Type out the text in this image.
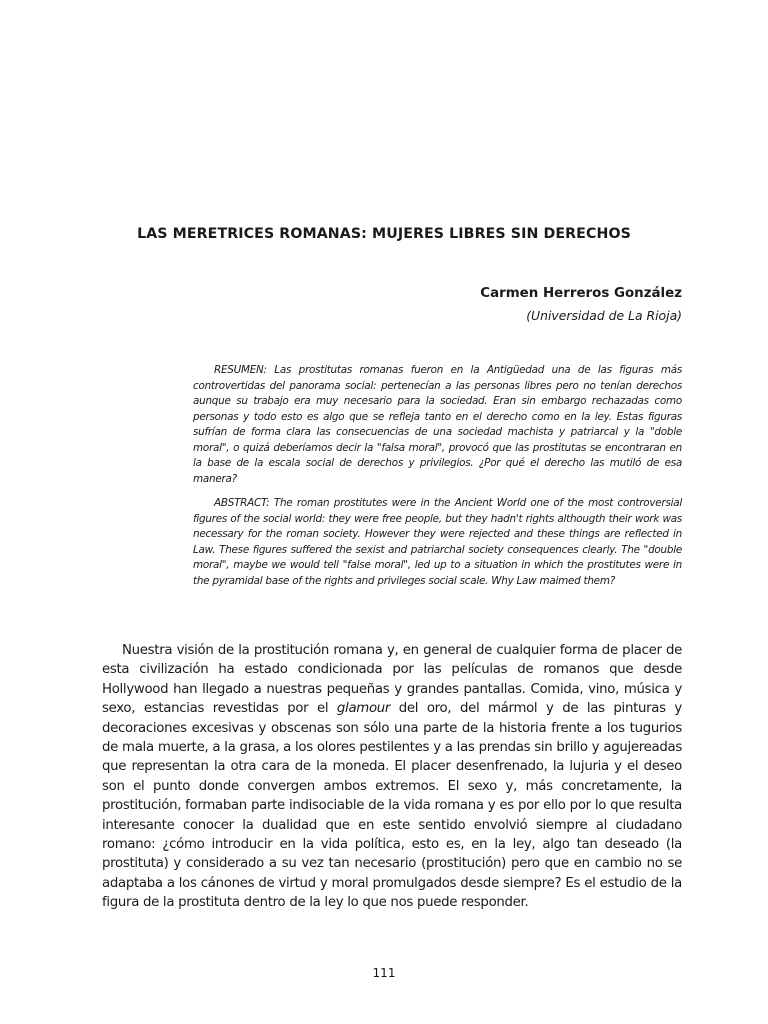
LAS MERETRICES ROMANAS: MUJERES LIBRES SIN DERECHOS

Carmen Herreros González

(Universidad de La Rioja)

RESUMEN: Las prostitutas romanas fueron en la Antigüedad una de las figuras más controvertidas del panorama social: pertenecían a las personas libres pero no tenían derechos aunque su trabajo era muy necesario para la sociedad. Eran sin embargo rechazadas como personas y todo esto es algo que se refleja tanto en el derecho como en la ley. Estas figuras sufrían de forma clara las consecuencias de una sociedad machista y patriarcal y la "doble moral", o quizá deberíamos decir la "falsa moral", provocó que las prostitutas se encontraran en la base de la escala social de derechos y privilegios. ¿Por qué el derecho las mutiló de esa manera?

ABSTRACT: The roman prostitutes were in the Ancient World one of the most controversial figures of the social world: they were free people, but they hadn't rights althougth their work was necessary for the roman society. However they were rejected and these things are reflected in Law. These figures suffered the sexist and patriarchal society consequences clearly. The "double moral", maybe we would tell "false moral", led up to a situation in which the prostitutes were in the pyramidal base of the rights and privileges social scale. Why Law maimed them?

Nuestra visión de la prostitución romana y, en general de cualquier forma de placer de esta civilización ha estado condicionada por las películas de romanos que desde Hollywood han llegado a nuestras pequeñas y grandes pantallas. Comida, vino, música y sexo, estancias revestidas por el glamour del oro, del mármol y de las pinturas y decoraciones excesivas y obscenas son sólo una parte de la historia frente a los tugurios de mala muerte, a la grasa, a los olores pestilentes y a las prendas sin brillo y agujereadas que representan la otra cara de la moneda. El placer desenfrenado, la lujuria y el deseo son el punto donde convergen ambos extremos. El sexo y, más concretamente, la prostitución, formaban parte indisociable de la vida romana y es por ello por lo que resulta interesante conocer la dualidad que en este sentido envolvió siempre al ciudadano romano: ¿cómo introducir en la vida política, esto es, en la ley, algo tan deseado (la prostituta) y considerado a su vez tan necesario (prostitución) pero que en cambio no se adaptaba a los cánones de virtud y moral promulgados desde siempre? Es el estudio de la figura de la prostituta dentro de la ley lo que nos puede responder.

111
